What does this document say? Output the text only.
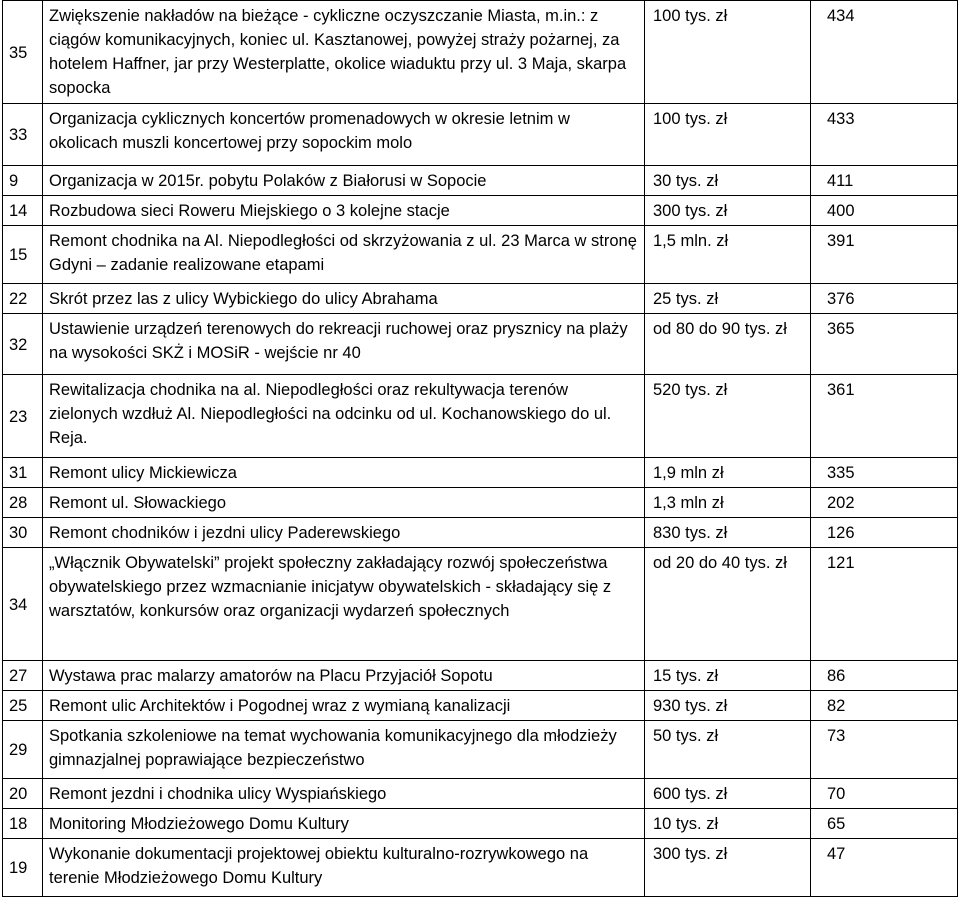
35	Zwiększenie nakładów na bieżące - cykliczne oczyszczanie Miasta, m.in.: z ciągów komunikacyjnych, koniec ul. Kasztanowej, powyżej straży pożarnej, za hotelem Haffner, jar przy Westerplatte, okolice wiaduktu przy ul. 3 Maja, skarpa sopocka	100 tys. zł	434
33	Organizacja cyklicznych koncertów promenadowych w okresie letnim w okolicach muszli koncertowej przy sopockim molo	100 tys. zł	433
9	Organizacja w 2015r. pobytu Polaków z Białorusi w Sopocie	30 tys. zł	411
14	Rozbudowa sieci Roweru Miejskiego o 3 kolejne stacje	300 tys. zł	400
15	Remont chodnika na Al. Niepodległości od skrzyżowania z ul. 23 Marca w stronę Gdyni – zadanie realizowane etapami	1,5 mln. zł	391
22	Skrót przez las z ulicy Wybickiego do ulicy Abrahama	25 tys. zł	376
32	Ustawienie urządzeń terenowych do rekreacji ruchowej oraz prysznicy na plaży na wysokości SKŻ i MOSiR - wejście nr 40	od 80 do 90 tys. zł	365
23	Rewitalizacja chodnika na al. Niepodległości oraz rekultywacja terenów zielonych wzdłuż Al. Niepodległości na odcinku od ul. Kochanowskiego do ul. Reja.	520 tys. zł	361
31	Remont ulicy Mickiewicza	1,9 mln zł	335
28	Remont ul. Słowackiego	1,3 mln zł	202
30	Remont chodników i jezdni ulicy Paderewskiego	830 tys. zł	126
34	„Włącznik Obywatelski” projekt społeczny zakładający rozwój społeczeństwa obywatelskiego przez wzmacnianie inicjatyw obywatelskich - składający się z warsztatów, konkursów oraz organizacji wydarzeń społecznych	od 20 do 40 tys. zł	121
27	Wystawa prac malarzy amatorów na Placu Przyjaciół Sopotu	15 tys. zł	86
25	Remont ulic Architektów i Pogodnej wraz z wymianą kanalizacji	930 tys. zł	82
29	Spotkania szkoleniowe na temat wychowania komunikacyjnego dla młodzieży gimnazjalnej poprawiające bezpieczeństwo	50 tys. zł	73
20	Remont jezdni i chodnika ulicy Wyspiańskiego	600 tys. zł	70
18	Monitoring Młodzieżowego Domu Kultury	10 tys. zł	65
19	Wykonanie dokumentacji projektowej obiektu kulturalno-rozrywkowego na terenie Młodzieżowego Domu Kultury	300 tys. zł	47
